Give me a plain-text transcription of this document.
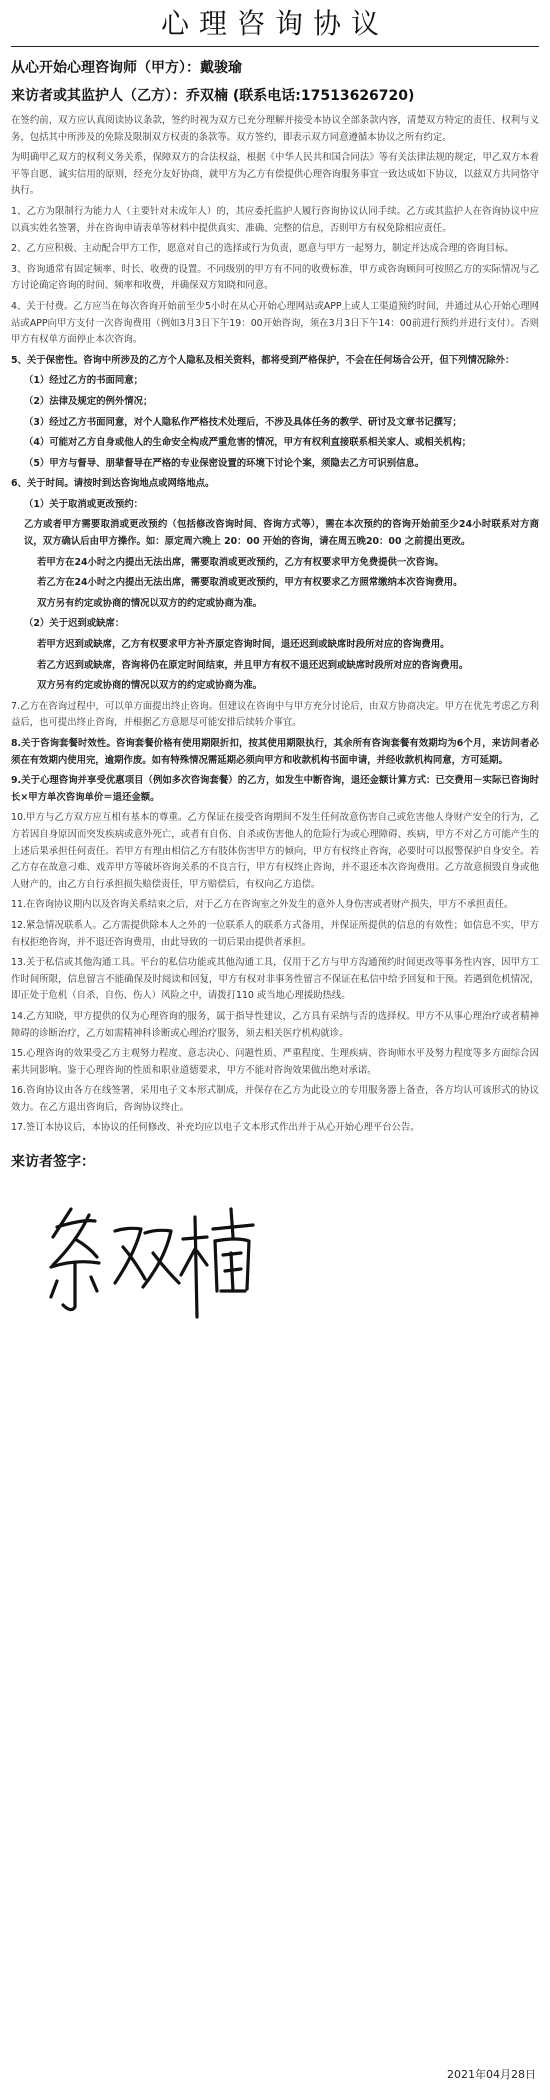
心理咨询协议
从心开始心理咨询师（甲方）：戴骏瑜
来访者或其监护人（乙方）：乔双楠 (联系电话:17513626720)

在签约前，双方应认真阅读协议条款，签约时视为双方已充分理解并接受本协议全部条款内容，清楚双方特定的责任、权利与义务，包括其中所涉及的免除及限制双方权责的条款等。双方签约，即表示双方同意遵循本协议之所有约定。

为明确甲乙双方的权利义务关系，保障双方的合法权益，根据《中华人民共和国合同法》等有关法律法规的规定，甲乙双方本着平等自愿、诚实信用的原则，经充分友好协商，就甲方为乙方有偿提供心理咨询服务事宜一致达成如下协议，以兹双方共同恪守执行。

1、乙方为限制行为能力人（主要针对未成年人）的，其应委托监护人履行咨询协议认同手续。乙方或其监护人在咨询协议中应以真实姓名签署，并在咨询申请表单等材料中提供真实、准确、完整的信息，否则甲方有权免除相应责任。

2、乙方应积极、主动配合甲方工作，愿意对自己的选择或行为负责，愿意与甲方一起努力，制定并达成合理的咨询目标。

3、咨询通常有固定频率、时长、收费的设置。不同级别的甲方有不同的收费标准，甲方或咨询顾问可按照乙方的实际情况与乙方讨论确定咨询的时间、频率和收费，并确保双方知晓和同意。

4、关于付费。乙方应当在每次咨询开始前至少5小时在从心开始心理网站或APP上或人工渠道预约时间，并通过从心开始心理网站或APP向甲方支付一次咨询费用（例如3月3日下午19：00开始咨询，须在3月3日下午14：00前进行预约并进行支付）。否则甲方有权单方面停止本次咨询。

5、关于保密性。咨询中所涉及的乙方个人隐私及相关资料，都将受到严格保护，不会在任何场合公开，但下列情况除外：

（1）经过乙方的书面同意；

（2）法律及规定的例外情况；

（3）经过乙方书面同意，对个人隐私作严格技术处理后，不涉及具体任务的教学、研讨及文章书记撰写；

（4）可能对乙方自身或他人的生命安全构成严重危害的情况，甲方有权利直接联系相关家人、或相关机构；

（5）甲方与督导、朋辈督导在严格的专业保密设置的环境下讨论个案，须隐去乙方可识别信息。

6、关于时间。请按时到达咨询地点或网络地点。

（1）关于取消或更改预约：

乙方或者甲方需要取消或更改预约（包括修改咨询时间、咨询方式等），需在本次预约的咨询开始前至少24小时联系对方商议，双方确认后由甲方操作。如：原定周六晚上 20：00 开始的咨询，请在周五晚20：00 之前提出更改。

若甲方在24小时之内提出无法出席，需要取消或更改预约，乙方有权要求甲方免费提供一次咨询。

若乙方在24小时之内提出无法出席，需要取消或更改预约，甲方有权要求乙方照常缴纳本次咨询费用。

双方另有约定或协商的情况以双方的约定或协商为准。

（2）关于迟到或缺席：

若甲方迟到或缺席，乙方有权要求甲方补齐原定咨询时间，退还迟到或缺席时段所对应的咨询费用。

若乙方迟到或缺席，咨询将仍在原定时间结束，并且甲方有权不退还迟到或缺席时段所对应的咨询费用。

双方另有约定或协商的情况以双方的约定或协商为准。

7.乙方在咨询过程中，可以单方面提出终止咨询。但建议在咨询中与甲方充分讨论后，由双方协商决定。甲方在优先考虑乙方利益后，也可提出终止咨询，并根据乙方意愿尽可能安排后续转介事宜。

8.关于咨询套餐时效性。咨询套餐价格有使用期限折扣，按其使用期限执行，其余所有咨询套餐有效期均为6个月，来访问者必须在有效期内使用完，逾期作废。如有特殊情况需延期必须向甲方和收款机构书面申请，并经收款机构同意，方可延期。

9.关于心理咨询并享受优惠项目（例如多次咨询套餐）的乙方，如发生中断咨询，退还金额计算方式：已交费用－实际已咨询时长×甲方单次咨询单价＝退还金额。

10.甲方与乙方双方应互相有基本的尊重。乙方保证在接受咨询期间不发生任何故意伤害自己或危害他人身财产安全的行为，乙方若因自身原因而突发疾病或意外死亡，或者有自伤、自杀或伤害他人的危险行为或心理障碍、疾病，甲方不对乙方可能产生的上述后果承担任何责任。若甲方有理由相信乙方有肢体伤害甲方的倾向，甲方有权终止咨询，必要时可以报警保护自身安全。若乙方存在故意刁难、戏弄甲方等破坏咨询关系的不良言行，甲方有权终止咨询，并不退还本次咨询费用。乙方故意损毁自身或他人财产的，由乙方自行承担损失赔偿责任，甲方赔偿后，有权向乙方追偿。

11.在咨询协议期内以及咨询关系结束之后，对于乙方在咨询室之外发生的意外人身伤害或者财产损失，甲方不承担责任。

12.紧急情况联系人。乙方需提供除本人之外的一位联系人的联系方式备用，并保证所提供的信息的有效性；如信息不实，甲方有权拒绝咨询，并不退还咨询费用，由此导致的一切后果由提供者承担。

13.关于私信或其他沟通工具。平台的私信功能或其他沟通工具，仅用于乙方与甲方沟通预约时间更改等事务性内容，因甲方工作时间所限，信息留言不能确保及时阅读和回复，甲方有权对非事务性留言不保证在私信中给予回复和干预。若遇到危机情况，即正处于危机（自杀、自伤、伤人）风险之中，请拨打110 或当地心理援助热线。

14.乙方知晓，甲方提供的仅为心理咨询的服务，属于指导性建议，乙方具有采纳与否的选择权。甲方不从事心理治疗或者精神障碍的诊断治疗，乙方如需精神科诊断或心理治疗服务，须去相关医疗机构就诊。

15.心理咨询的效果受乙方主观努力程度、意志决心、问题性质、严重程度、生理疾病、咨询师水平及努力程度等多方面综合因素共同影响。鉴于心理咨询的性质和职业道德要求，甲方不能对咨询效果做出绝对承诺。

16.咨询协议由各方在线签署，采用电子文本形式制成，并保存在乙方为此设立的专用服务器上备查，各方均认可该形式的协议效力。在乙方退出咨询后，咨询协议终止。

17.签订本协议后，本协议的任何修改、补充均应以电子文本形式作出并于从心开始心理平台公告。

来访者签字：
2021年04月28日
